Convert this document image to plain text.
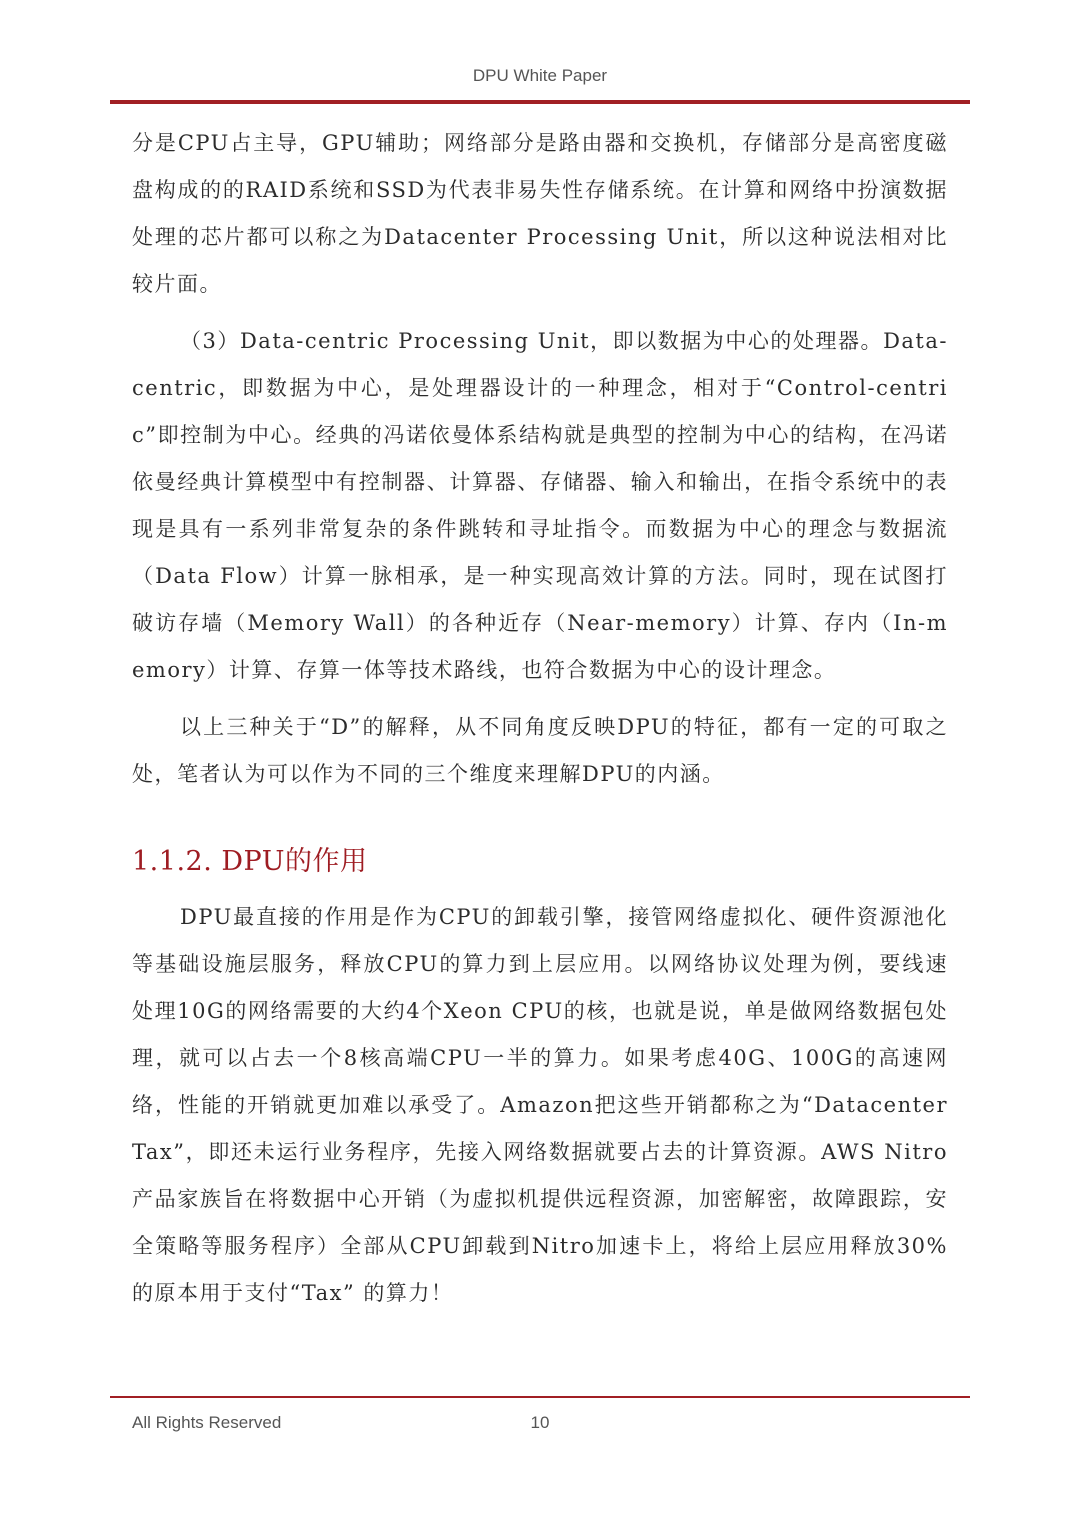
DPU White Paper

分是CPU占主导，GPU辅助；网络部分是路由器和交换机，存储部分是高密度磁盘构成的的RAID系统和SSD为代表非易失性存储系统。在计算和网络中扮演数据处理的芯片都可以称之为Datacenter Processing Unit，所以这种说法相对比较片面。

（3）Data-centric Processing Unit，即以数据为中心的处理器。Data-centric，即数据为中心，是处理器设计的一种理念，相对于“Control-centric”即控制为中心。经典的冯诺依曼体系结构就是典型的控制为中心的结构，在冯诺依曼经典计算模型中有控制器、计算器、存储器、输入和输出，在指令系统中的表现是具有一系列非常复杂的条件跳转和寻址指令。而数据为中心的理念与数据流（Data Flow）计算一脉相承，是一种实现高效计算的方法。同时，现在试图打破访存墙（Memory Wall）的各种近存（Near-memory）计算、存内（In-memory）计算、存算一体等技术路线，也符合数据为中心的设计理念。

以上三种关于“D”的解释，从不同角度反映DPU的特征，都有一定的可取之处，笔者认为可以作为不同的三个维度来理解DPU的内涵。

1.1.2. DPU的作用

DPU最直接的作用是作为CPU的卸载引擎，接管网络虚拟化、硬件资源池化等基础设施层服务，释放CPU的算力到上层应用。以网络协议处理为例，要线速处理10G的网络需要的大约4个Xeon CPU的核，也就是说，单是做网络数据包处理，就可以占去一个8核高端CPU一半的算力。如果考虑40G、100G的高速网络，性能的开销就更加难以承受了。Amazon把这些开销都称之为“Datacenter Tax”，即还未运行业务程序，先接入网络数据就要占去的计算资源。AWS Nitro产品家族旨在将数据中心开销（为虚拟机提供远程资源，加密解密，故障跟踪，安全策略等服务程序）全部从CPU卸载到Nitro加速卡上，将给上层应用释放30%的原本用于支付“Tax” 的算力！

All Rights Reserved	10
